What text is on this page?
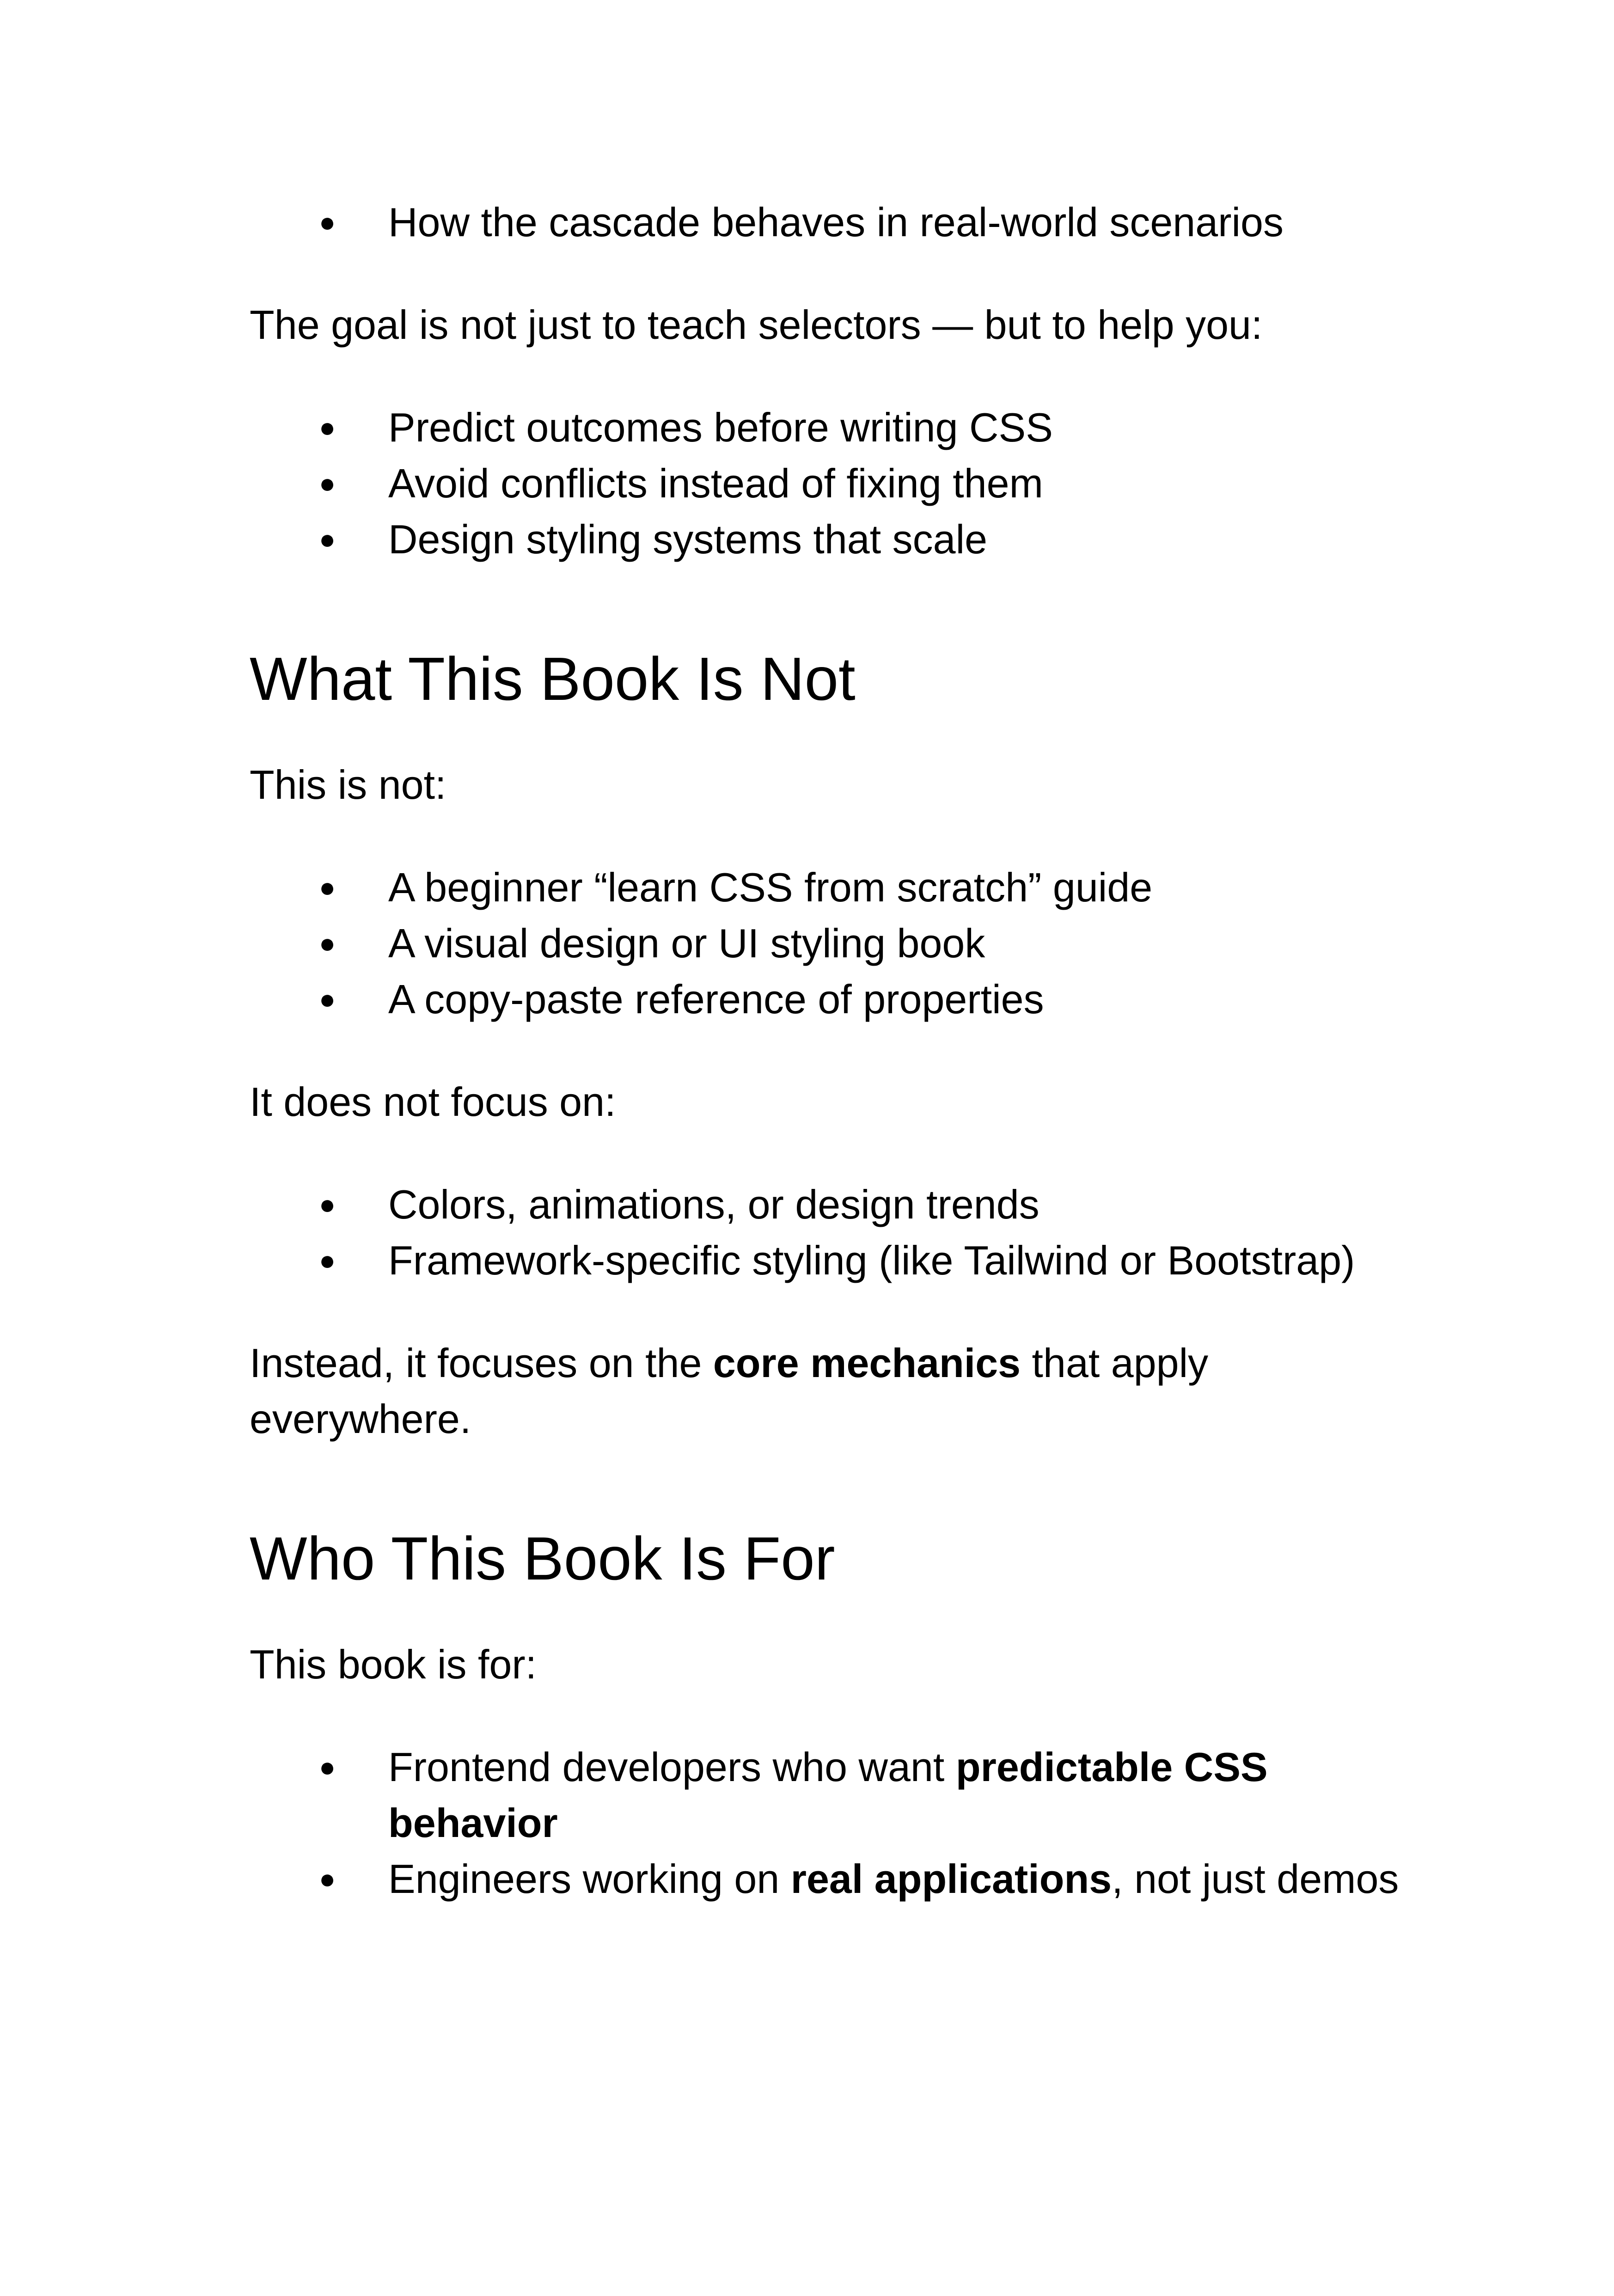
● How the cascade behaves in real-world scenarios

The goal is not just to teach selectors — but to help you:

● Predict outcomes before writing CSS
● Avoid conflicts instead of fixing them
● Design styling systems that scale
What This Book Is Not

This is not:

● A beginner “learn CSS from scratch” guide
● A visual design or UI styling book
● A copy-paste reference of properties

It does not focus on:

● Colors, animations, or design trends
● Framework-specific styling (like Tailwind or Bootstrap)

Instead, it focuses on the core mechanics that apply everywhere.

Who This Book Is For

This book is for:

● Frontend developers who want predictable CSS behavior
● Engineers working on real applications, not just demos
